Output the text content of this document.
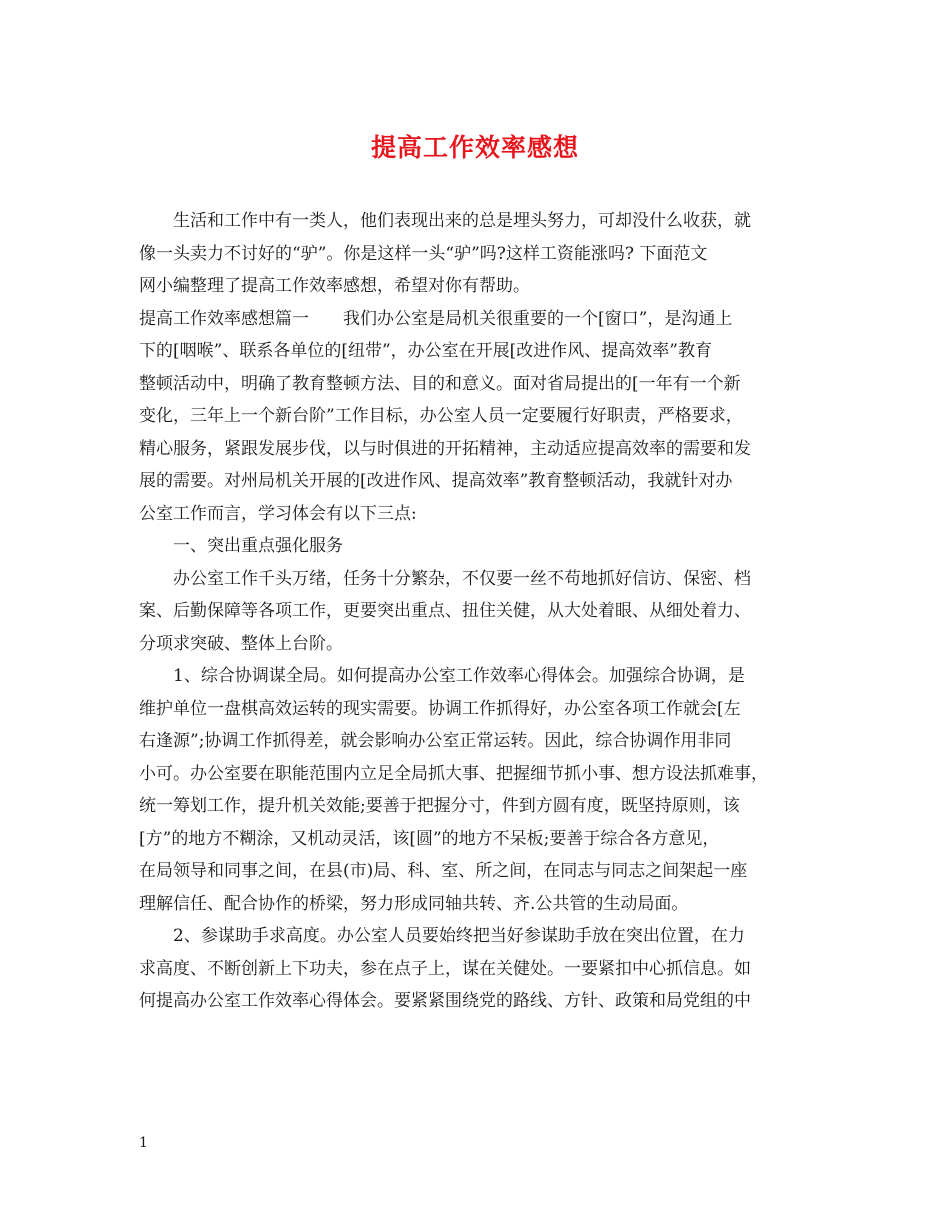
提高工作效率感想
　　生活和工作中有一类人，他们表现出来的总是埋头努力，可却没什么收获，就
像一头卖力不讨好的“驴”。你是这样一头“驴”吗?这样工资能涨吗? 下面范文
网小编整理了提高工作效率感想，希望对你有帮助。
提高工作效率感想篇一　　我们办公室是局机关很重要的一个[窗口”，是沟通上
下的[咽喉”、联系各单位的[纽带”，办公室在开展[改进作风、提高效率”教育
整顿活动中，明确了教育整顿方法、目的和意义。面对省局提出的[一年有一个新
变化，三年上一个新台阶”工作目标，办公室人员一定要履行好职责，严格要求，
精心服务，紧跟发展步伐，以与时俱进的开拓精神，主动适应提高效率的需要和发
展的需要。对州局机关开展的[改进作风、提高效率”教育整顿活动，我就针对办
公室工作而言，学习体会有以下三点:
　　一、突出重点强化服务
　　办公室工作千头万绪，任务十分繁杂，不仅要一丝不苟地抓好信访、保密、档
案、后勤保障等各项工作，更要突出重点、扭住关健，从大处着眼、从细处着力、
分项求突破、整体上台阶。
　　1、综合协调谋全局。如何提高办公室工作效率心得体会。加强综合协调，是
维护单位一盘棋高效运转的现实需要。协调工作抓得好，办公室各项工作就会[左
右逢源”;协调工作抓得差，就会影响办公室正常运转。因此，综合协调作用非同
小可。办公室要在职能范围内立足全局抓大事、把握细节抓小事、想方设法抓难事，
统一筹划工作，提升机关效能;要善于把握分寸，件到方圆有度，既坚持原则，该
[方”的地方不糊涂，又机动灵活，该[圆”的地方不呆板;要善于综合各方意见，
在局领导和同事之间，在县(市)局、科、室、所之间，在同志与同志之间架起一座
理解信任、配合协作的桥梁，努力形成同轴共转、齐.公共管的生动局面。
　　2、参谋助手求高度。办公室人员要始终把当好参谋助手放在突出位置，在力
求高度、不断创新上下功夫，参在点子上，谋在关健处。一要紧扣中心抓信息。如
何提高办公室工作效率心得体会。要紧紧围绕党的路线、方针、政策和局党组的中
1
